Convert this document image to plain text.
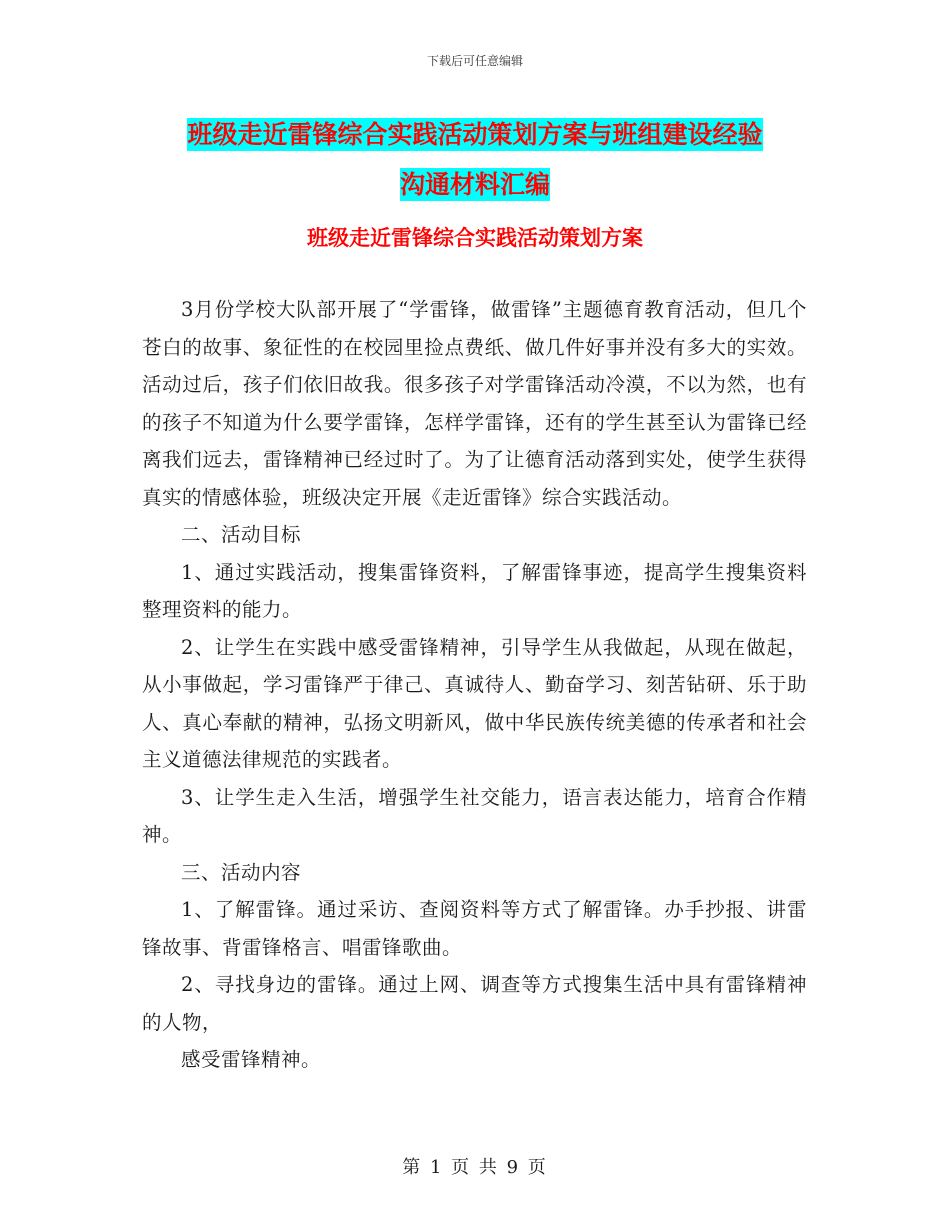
下载后可任意编辑
班级走近雷锋综合实践活动策划方案与班组建设经验
沟通材料汇编
班级走近雷锋综合实践活动策划方案

3月份学校大队部开展了“学雷锋，做雷锋”主题德育教育活动，但几个苍白的故事、象征性的在校园里捡点费纸、做几件好事并没有多大的实效。活动过后，孩子们依旧故我。很多孩子对学雷锋活动冷漠，不以为然，也有的孩子不知道为什么要学雷锋，怎样学雷锋，还有的学生甚至认为雷锋已经离我们远去，雷锋精神已经过时了。为了让德育活动落到实处，使学生获得真实的情感体验，班级决定开展《走近雷锋》综合实践活动。

二、活动目标

1、通过实践活动，搜集雷锋资料，了解雷锋事迹，提高学生搜集资料整理资料的能力。

2、让学生在实践中感受雷锋精神，引导学生从我做起，从现在做起，从小事做起，学习雷锋严于律己、真诚待人、勤奋学习、刻苦钻研、乐于助人、真心奉献的精神，弘扬文明新风，做中华民族传统美德的传承者和社会主义道德法律规范的实践者。

3、让学生走入生活，增强学生社交能力，语言表达能力，培育合作精神。

三、活动内容

1、了解雷锋。通过采访、查阅资料等方式了解雷锋。办手抄报、讲雷锋故事、背雷锋格言、唱雷锋歌曲。

2、寻找身边的雷锋。通过上网、调查等方式搜集生活中具有雷锋精神的人物，

感受雷锋精神。

第 1 页 共 9 页
